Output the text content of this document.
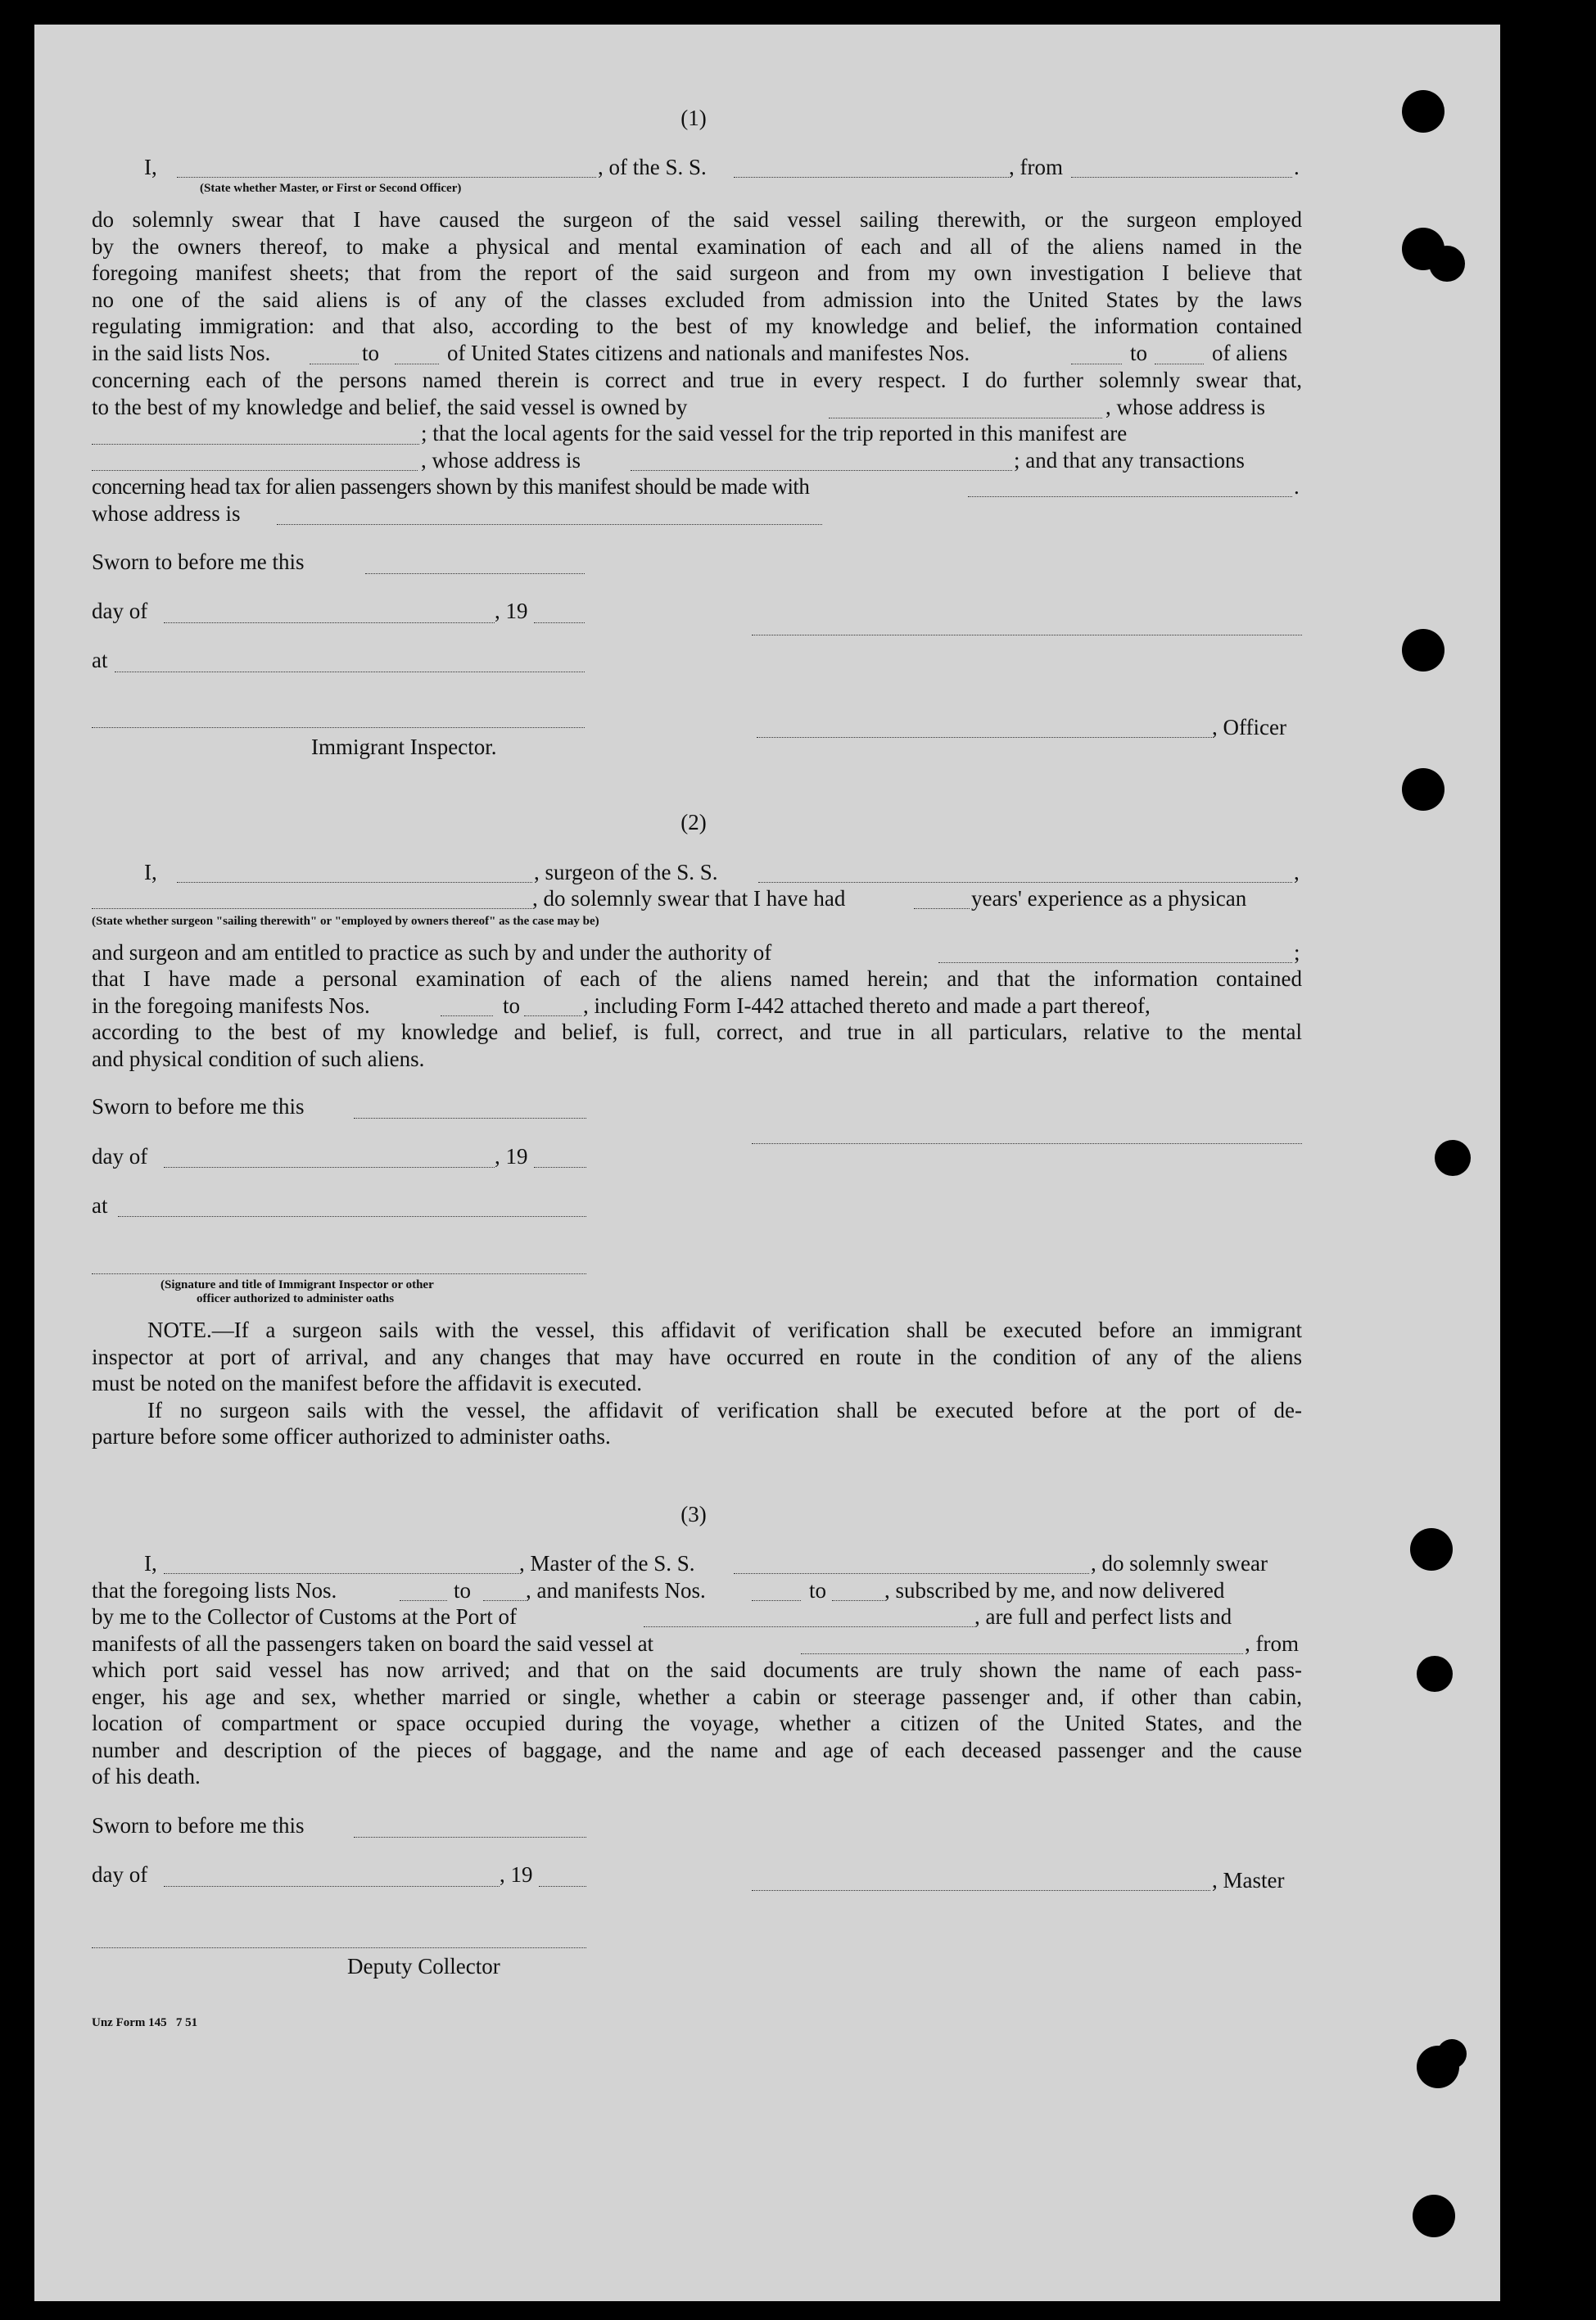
(1)
I,	, of the S. S.	, from	.
(State whether Master, or First or Second Officer)
do solemnly swear that I have caused the surgeon of the said vessel sailing therewith, or the surgeon employed
by the owners thereof, to make a physical and mental examination of each and all of the aliens named in the
foregoing manifest sheets; that from the report of the said surgeon and from my own investigation I believe that
no one of the said aliens is of any of the classes excluded from admission into the United States by the laws
regulating immigration: and that also, according to the best of my knowledge and belief, the information contained
in the said lists Nos.	to	of United States citizens and nationals and manifestes Nos.	to	of aliens
concerning each of the persons named therein is correct and true in every respect. I do further solemnly swear that,
to the best of my knowledge and belief, the said vessel is owned by	, whose address is
; that the local agents for the said vessel for the trip reported in this manifest are
, whose address is	; and that any transactions
concerning head tax for alien passengers shown by this manifest should be made with	.
whose address is
Sworn to before me this
day of	, 19
at
, Officer
Immigrant Inspector.
(2)
I,	, surgeon of the S. S.	,
, do solemnly swear that I have had	years' experience as a physican
(State whether surgeon "sailing therewith" or "employed by owners thereof" as the case may be)
and surgeon and am entitled to practice as such by and under the authority of	;
that I have made a personal examination of each of the aliens named herein; and that the information contained
in the foregoing manifests Nos.	to	, including Form I-442 attached thereto and made a part thereof,
according to the best of my knowledge and belief, is full, correct, and true in all particulars, relative to the mental
and physical condition of such aliens.
Sworn to before me this
day of	, 19
at
(Signature and title of Immigrant Inspector or other
officer authorized to administer oaths
NOTE.—If a surgeon sails with the vessel, this affidavit of verification shall be executed before an immigrant
inspector at port of arrival, and any changes that may have occurred en route in the condition of any of the aliens
must be noted on the manifest before the affidavit is executed.
If no surgeon sails with the vessel, the affidavit of verification shall be executed before at the port of de-
parture before some officer authorized to administer oaths.
(3)
I,	, Master of the S. S.	, do solemnly swear
that the foregoing lists Nos.	to , and manifests Nos.	to	, subscribed by me, and now delivered
by me to the Collector of Customs at the Port of	, are full and perfect lists and
manifests of all the passengers taken on board the said vessel at	, from
which port said vessel has now arrived; and that on the said documents are truly shown the name of each pass-
enger, his age and sex, whether married or single, whether a cabin or steerage passenger and, if other than cabin,
location of compartment or space occupied during the voyage, whether a citizen of the United States, and the
number and description of the pieces of baggage, and the name and age of each deceased passenger and the cause
of his death.
Sworn to before me this
day of	, 19	, Master
Deputy Collector
Unz Form 145   7 51
